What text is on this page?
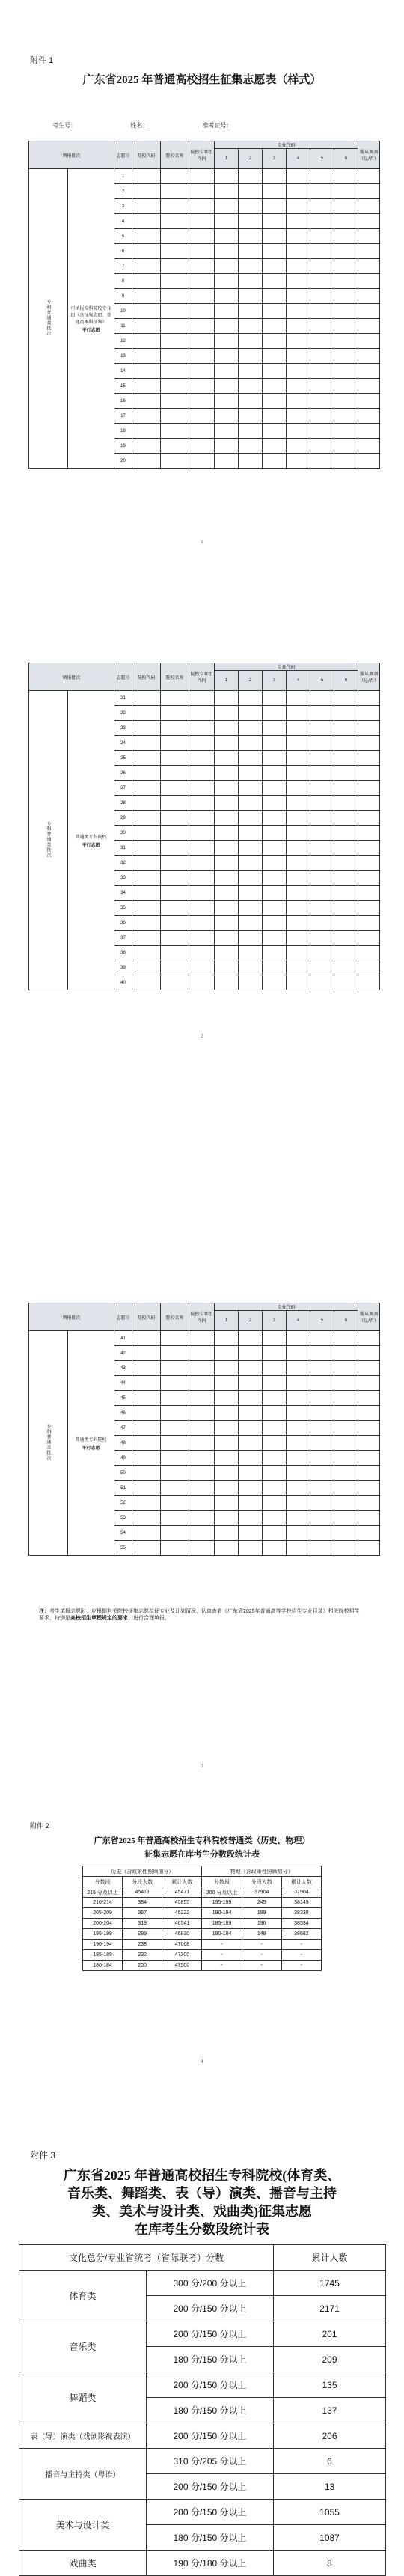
附件 1
广东省2025 年普通高校招生征集志愿表（样式）
考生号：	姓名：	准考证号：
填报批次		志愿号	院校代码	院校名称	院校专业组代码	专业代码						服从调剂（是/否）
						1	2	3	4	5	6	
专科普通类批次	可填报专科院校专业组（含征集志愿、普通类本科征集）
平行志愿	1										
		2										
		3										
		4										
		5										
		6										
		7										
		8										
		9										
		10										
		11										
		12										
		13										
		14										
		15										
		16										
		17										
		18										
		19										
		20										
1
填报批次		志愿号	院校代码	院校名称	院校专业组代码	专业代码						服从调剂（是/否）
						1	2	3	4	5	6	
专科普通类批次	普通类专科院校
平行志愿	21										
		22										
		23										
		24										
		25										
		26										
		27										
		28										
		29										
		30										
		31										
		32										
		33										
		34										
		35										
		36										
		37										
		38										
		39										
		40										
2
填报批次		志愿号	院校代码	院校名称	院校专业组代码	专业代码						服从调剂（是/否）
						1	2	3	4	5	6	
专科普通类批次	普通类专科院校
平行志愿	41										
		42										
		43										
		44										
		45										
		46										
		47										
		48										
		49										
		50										
		51										
		52										
		53										
		54										
		55										
注：考生填报志愿时，应根据有关院校征集志愿拟征专业及计划情况，认真查看《广东省2025年普通高等学校招生专业目录》相关院校招生要求，特别是高校招生章程规定的要求，进行合理填报。
3
附件 2
广东省2025 年普通高校招生专科院校普通类（历史、物理）
征集志愿在库考生分数段统计表
历史（含政策性照顾加分）			物理（含政策性照顾加分）		
分数段	分段人数	累计人数	分数段	分段人数	累计人数
215 分及以上	45471	45471	200 分及以上	37904	37904
210-214	384	45855	195-199	245	38149
205-209	367	46222	190-194	189	38338
200-204	319	46541	185-189	196	38534
195-199	289	46830	180-184	148	38682
190-194	238	47068	-	-	-
185-189	232	47300	-	-	-
180-184	200	47500	-	-	-
4
附件 3
广东省2025 年普通高校招生专科院校(体育类、
音乐类、舞蹈类、表（导）演类、播音与主持
类、美术与设计类、戏曲类)征集志愿
在库考生分数段统计表
文化总分/专业省统考（省际联考）分数		累计人数
体育类	300 分/200 分以上	1745
	200 分/150 分以上	2171
音乐类	200 分/150 分以上	201
	180 分/150 分以上	209
舞蹈类	200 分/150 分以上	135
	180 分/150 分以上	137
表（导）演类（戏剧影视表演）	200 分/150 分以上	206
播音与主持类（粤语）	310 分/205 分以上	6
	200 分/150 分以上	13
美术与设计类	200 分/150 分以上	1055
	180 分/150 分以上	1087
戏曲类	190 分/180 分以上	8
